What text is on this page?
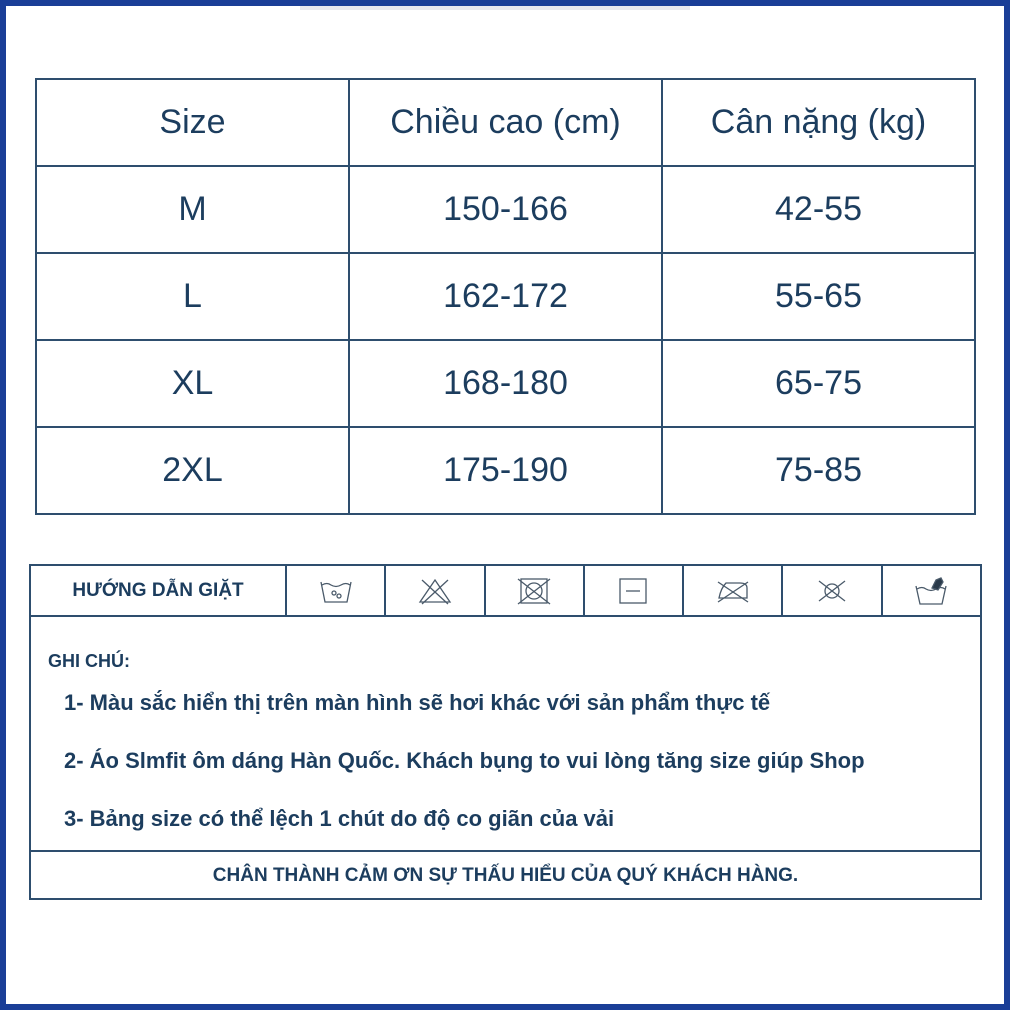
Size	Chiều cao (cm)	Cân nặng (kg)
M	150-166	42-55
L	162-172	55-65
XL	168-180	65-75
2XL	175-190	75-85
HƯỚNG DẪN GIẶT
GHI CHÚ:
1- Màu sắc hiển thị trên màn hình sẽ hơi khác với sản phẩm thực tế
2- Áo Slmfit ôm dáng Hàn Quốc. Khách bụng to vui lòng tăng size giúp Shop
3- Bảng size có thể lệch 1 chút do độ co giãn của vải
CHÂN THÀNH CẢM ƠN SỰ THẤU HIỂU CỦA QUÝ KHÁCH HÀNG.
